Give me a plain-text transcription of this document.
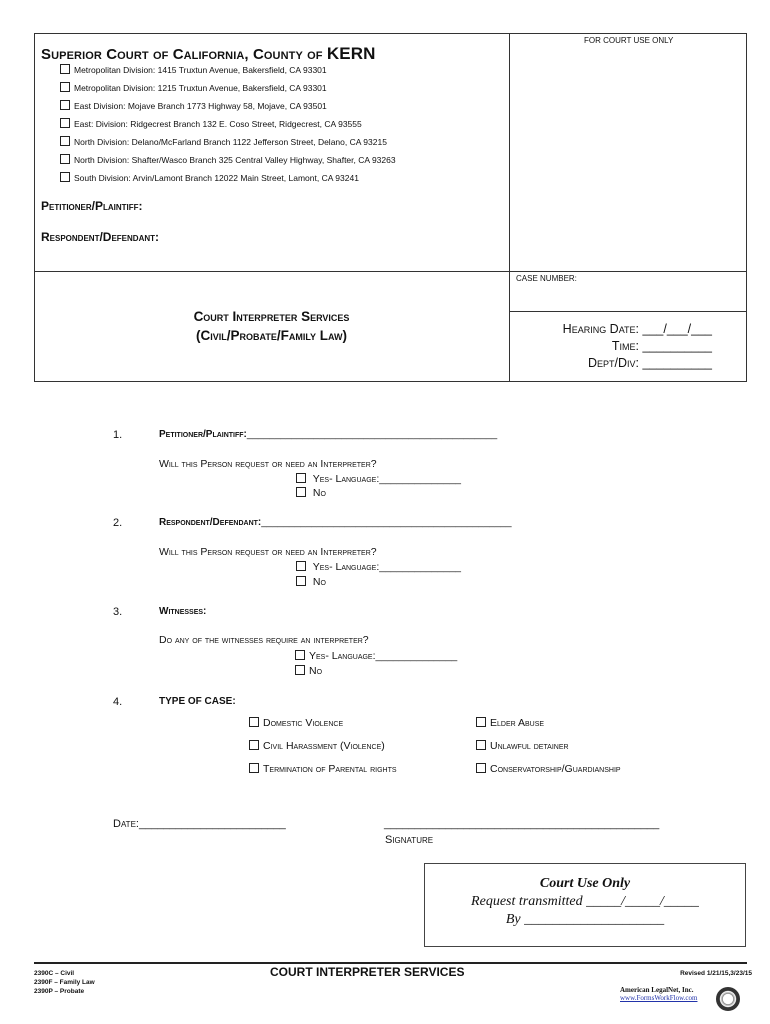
Superior Court of California, County of KERN
Metropolitan Division: 1415 Truxtun Avenue, Bakersfield, CA 93301
Metropolitan Division: 1215 Truxtun Avenue, Bakersfield, CA 93301
East Division: Mojave Branch 1773 Highway 58, Mojave, CA 93501
East: Division: Ridgecrest Branch 132 E. Coso Street, Ridgecrest, CA 93555
North Division: Delano/McFarland Branch 1122 Jefferson Street, Delano, CA 93215
North Division: Shafter/Wasco Branch 325 Central Valley Highway, Shafter, CA 93263
South Division: Arvin/Lamont Branch 12022 Main Street, Lamont, CA 93241
Petitioner/Plaintiff:
Respondent/Defendant:
FOR COURT USE ONLY
CASE NUMBER:
Court Interpreter Services
(Civil/Probate/Family Law)	Hearing Date: ___/___/___
Time: __________
Dept/Div: __________
1.	Petitioner/Plaintiff:_____________________________________________
Will this Person request or need an Interpreter?
Yes- Language:______________
No
2.	Respondent/Defendant:_____________________________________________
Will this Person request or need an Interpreter?
Yes- Language:______________
No
3.	Witnesses:
Do any of the witnesses require an interpreter?
Yes- Language:______________
No
4.	TYPE OF CASE:
Domestic Violence	Elder Abuse
Civil Harassment (Violence)	Unlawful detainer
Termination of Parental rights	Conservatorship/Guardianship
Date:________________________	_____________________________________________
Signature
Court Use Only
Request transmitted _____/_____/_____
By ____________________
2390C – Civil
2390F – Family Law
2390P – Probate
COURT INTERPRETER SERVICES	Revised 1/21/15,3/23/15
American LegalNet, Inc.
www.FormsWorkFlow.com
